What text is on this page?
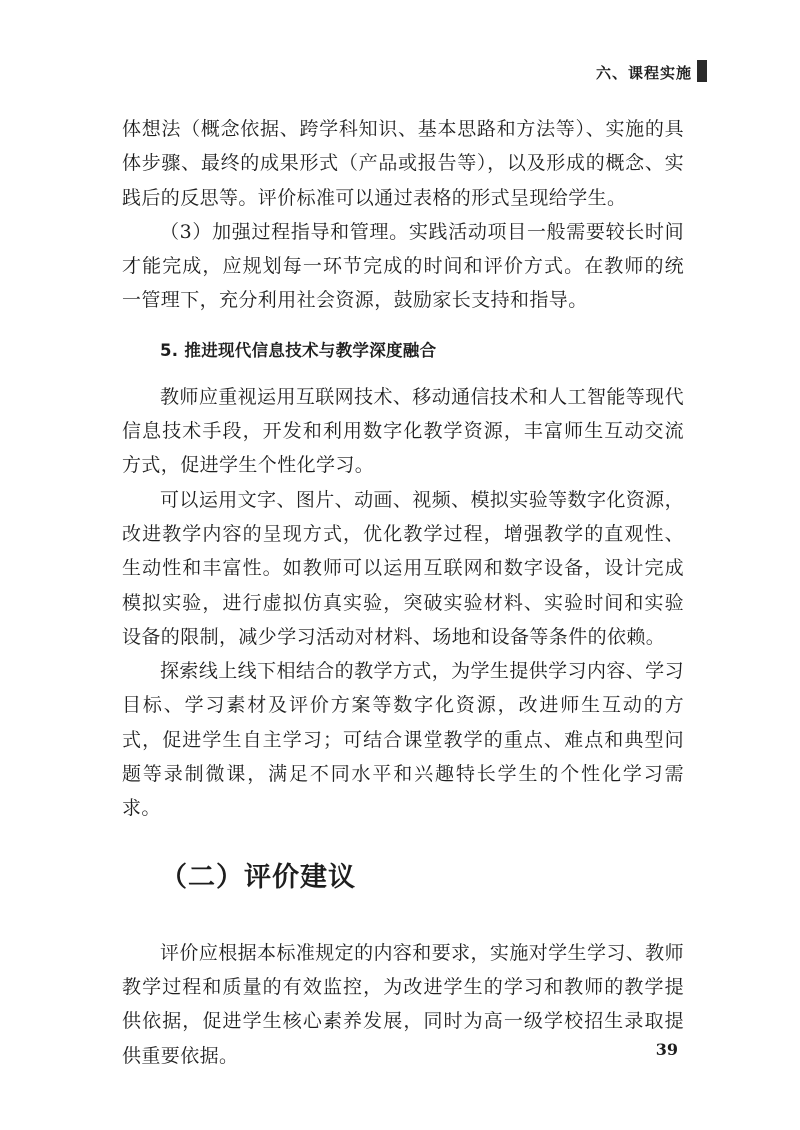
六、课程实施

体想法（概念依据、跨学科知识、基本思路和方法等）、实施的具体步骤、最终的成果形式（产品或报告等），以及形成的概念、实践后的反思等。评价标准可以通过表格的形式呈现给学生。

（3）加强过程指导和管理。实践活动项目一般需要较长时间才能完成，应规划每一环节完成的时间和评价方式。在教师的统一管理下，充分利用社会资源，鼓励家长支持和指导。

5. 推进现代信息技术与教学深度融合

教师应重视运用互联网技术、移动通信技术和人工智能等现代信息技术手段，开发和利用数字化教学资源，丰富师生互动交流方式，促进学生个性化学习。

可以运用文字、图片、动画、视频、模拟实验等数字化资源，改进教学内容的呈现方式，优化教学过程，增强教学的直观性、生动性和丰富性。如教师可以运用互联网和数字设备，设计完成模拟实验，进行虚拟仿真实验，突破实验材料、实验时间和实验设备的限制，减少学习活动对材料、场地和设备等条件的依赖。

探索线上线下相结合的教学方式，为学生提供学习内容、学习目标、学习素材及评价方案等数字化资源，改进师生互动的方式，促进学生自主学习；可结合课堂教学的重点、难点和典型问题等录制微课，满足不同水平和兴趣特长学生的个性化学习需求。

（二）评价建议

评价应根据本标准规定的内容和要求，实施对学生学习、教师教学过程和质量的有效监控，为改进学生的学习和教师的教学提供依据，促进学生核心素养发展，同时为高一级学校招生录取提供重要依据。	39
